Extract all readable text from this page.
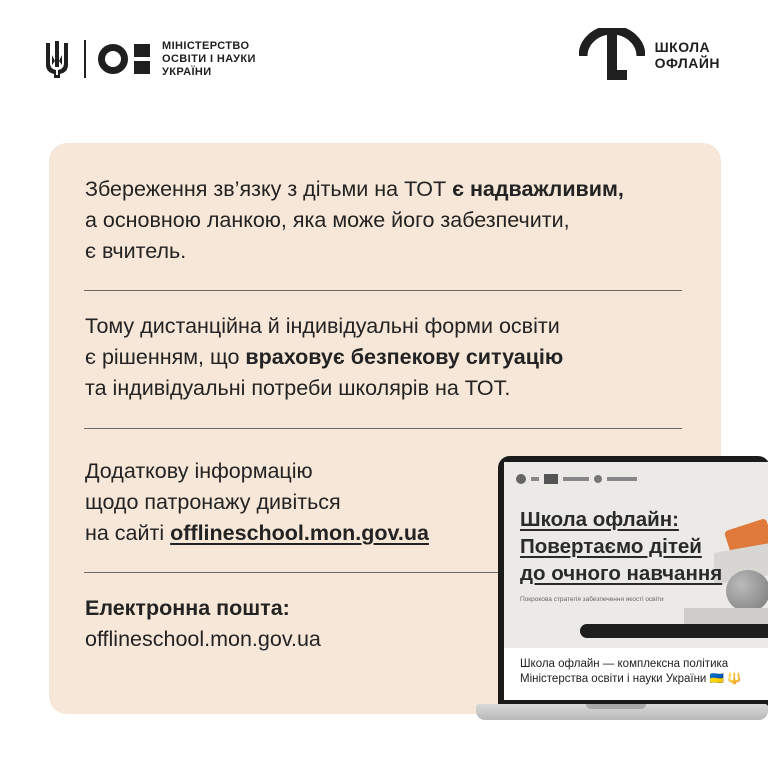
МІНІСТЕРСТВО
ОСВІТИ І НАУКИ
УКРАЇНИ
ШКОЛА
ОФЛАЙН
Збереження зв’язку з дітьми на ТОТ є надважливим,
а основною ланкою, яка може його забезпечити,
є вчитель.
Тому дистанційна й індивідуальні форми освіти
є рішенням, що враховує безпекову ситуацію
та індивідуальні потреби школярів на ТОТ.
Додаткову інформацію
щодо патронажу дивіться
на сайті offlineschool.mon.gov.ua
Електронна пошта:
offlineschool.mon.gov.ua
Школа офлайн:
Повертаємо дітей
до очного навчання
Покрокова стратегія забезпечення якості освіти
Школа офлайн — комплексна політика
Міністерства освіти і науки України 🇺🇦 🔱
